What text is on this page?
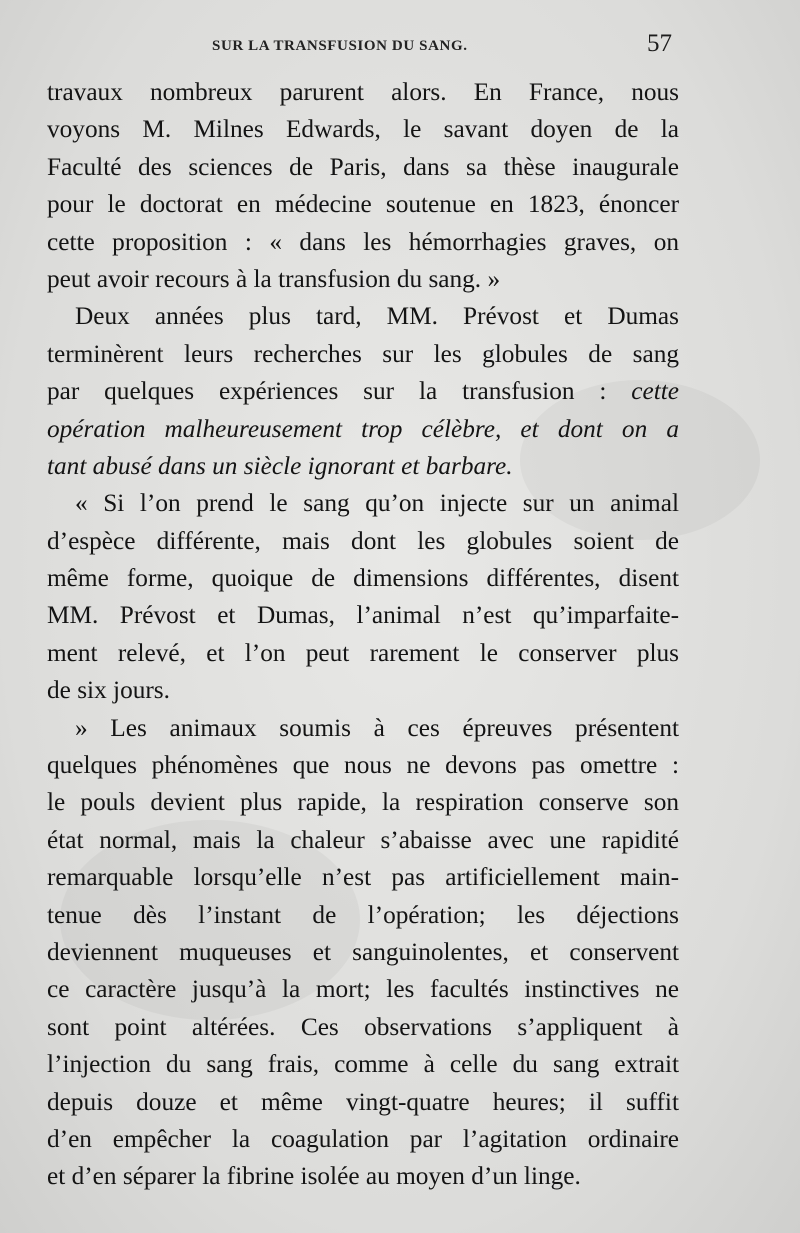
SUR LA TRANSFUSION DU SANG.	57
travaux nombreux parurent alors. En France, nous
voyons M. Milnes Edwards, le savant doyen de la
Faculté des sciences de Paris, dans sa thèse inaugurale
pour le doctorat en médecine soutenue en 1823, énoncer
cette proposition : « dans les hémorrhagies graves, on
peut avoir recours à la transfusion du sang. »
Deux années plus tard, MM. Prévost et Dumas
terminèrent leurs recherches sur les globules de sang
par quelques expériences sur la transfusion : cette
opération malheureusement trop célèbre, et dont on a
tant abusé dans un siècle ignorant et barbare.
« Si l’on prend le sang qu’on injecte sur un animal
d’espèce différente, mais dont les globules soient de
même forme, quoique de dimensions différentes, disent
MM. Prévost et Dumas, l’animal n’est qu’imparfaite-
ment relevé, et l’on peut rarement le conserver plus
de six jours.
» Les animaux soumis à ces épreuves présentent
quelques phénomènes que nous ne devons pas omettre :
le pouls devient plus rapide, la respiration conserve son
état normal, mais la chaleur s’abaisse avec une rapidité
remarquable lorsqu’elle n’est pas artificiellement main-
tenue dès l’instant de l’opération; les déjections
deviennent muqueuses et sanguinolentes, et conservent
ce caractère jusqu’à la mort; les facultés instinctives ne
sont point altérées. Ces observations s’appliquent à
l’injection du sang frais, comme à celle du sang extrait
depuis douze et même vingt-quatre heures; il suffit
d’en empêcher la coagulation par l’agitation ordinaire
et d’en séparer la fibrine isolée au moyen d’un linge.
